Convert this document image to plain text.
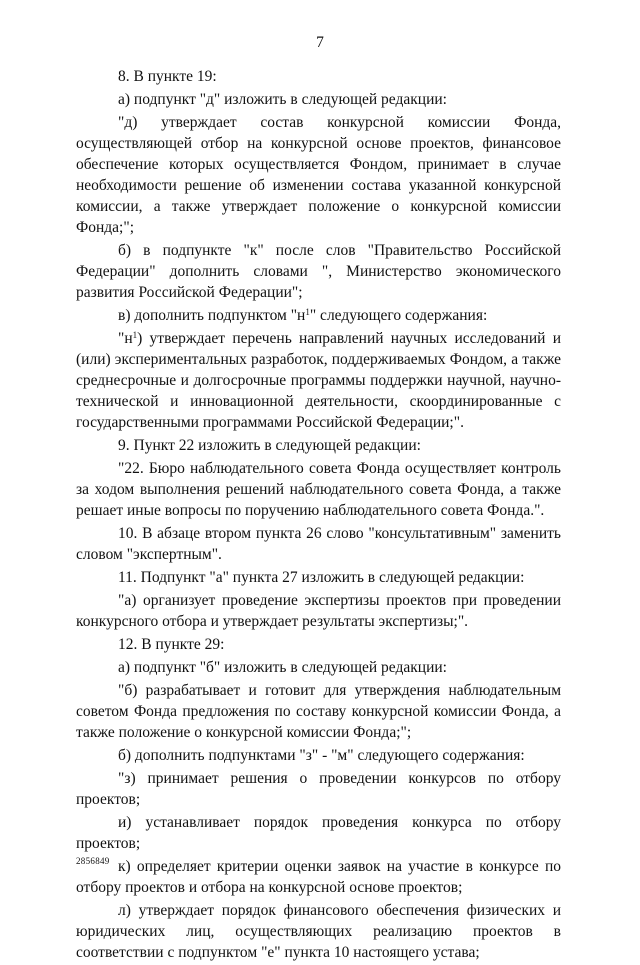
7

8. В пункте 19:

а) подпункт "д" изложить в следующей редакции:

"д) утверждает состав конкурсной комиссии Фонда, осуществляющей отбор на конкурсной основе проектов, финансовое обеспечение которых осуществляется Фондом, принимает в случае необходимости решение об изменении состава указанной конкурсной комиссии, а также утверждает положение о конкурсной комиссии Фонда;";

б) в подпункте "к" после слов "Правительство Российской Федерации" дополнить словами ", Министерство экономического развития Российской Федерации";

в) дополнить подпунктом "$н^1$" следующего содержания:

"$н^1$) утверждает перечень направлений научных исследований и (или) экспериментальных разработок, поддерживаемых Фондом, а также среднесрочные и долгосрочные программы поддержки научной, научно-технической и инновационной деятельности, скоординированные с государственными программами Российской Федерации;".

9. Пункт 22 изложить в следующей редакции:

"22. Бюро наблюдательного совета Фонда осуществляет контроль за ходом выполнения решений наблюдательного совета Фонда, а также решает иные вопросы по поручению наблюдательного совета Фонда.".

10. В абзаце втором пункта 26 слово "консультативным" заменить словом "экспертным".

11. Подпункт "а" пункта 27 изложить в следующей редакции:

"а) организует проведение экспертизы проектов при проведении конкурсного отбора и утверждает результаты экспертизы;".

12. В пункте 29:

а) подпункт "б" изложить в следующей редакции:

"б) разрабатывает и готовит для утверждения наблюдательным советом Фонда предложения по составу конкурсной комиссии Фонда, а также положение о конкурсной комиссии Фонда;";

б) дополнить подпунктами "з" - "м" следующего содержания:

"з) принимает решения о проведении конкурсов по отбору проектов;

и) устанавливает порядок проведения конкурса по отбору проектов;

к) определяет критерии оценки заявок на участие в конкурсе по отбору проектов и отбора на конкурсной основе проектов;

л) утверждает порядок финансового обеспечения физических и юридических лиц, осуществляющих реализацию проектов в соответствии с подпунктом "е" пункта 10 настоящего устава;

2856849
